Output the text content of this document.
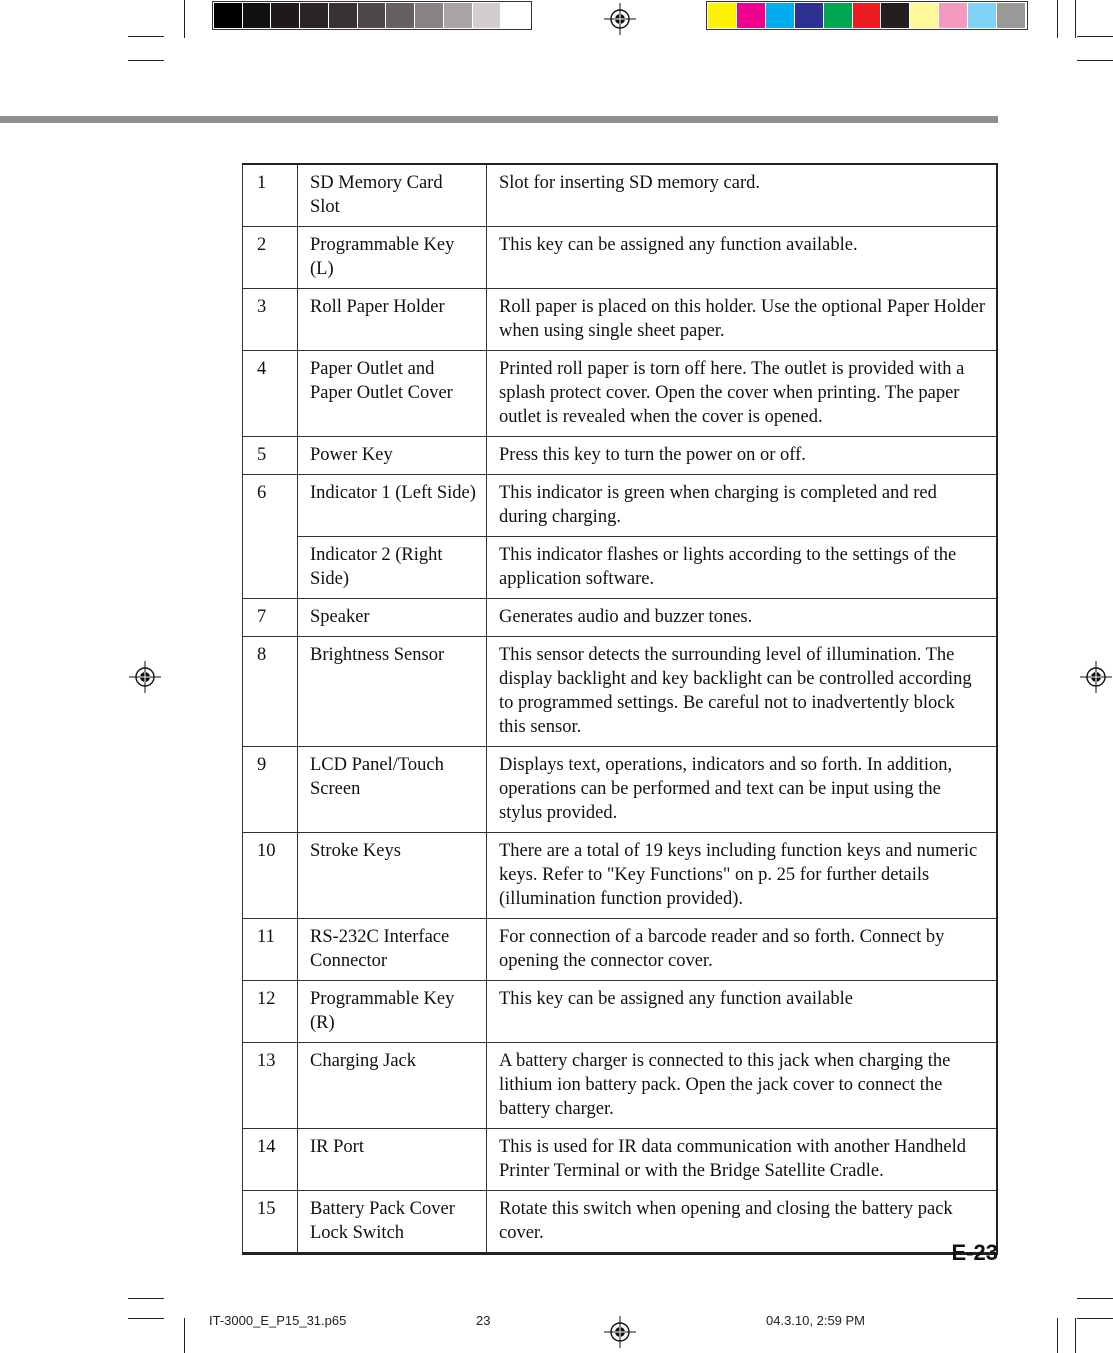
1	SD Memory Card Slot	Slot for inserting SD memory card.
2	Programmable Key (L)	This key can be assigned any function available.
3	Roll Paper Holder	Roll paper is placed on this holder. Use the optional Paper Holder when using single sheet paper.
4	Paper Outlet and Paper Outlet Cover	Printed roll paper is torn off here. The outlet is provided with a splash protect cover. Open the cover when printing. The paper outlet is revealed when the cover is opened.
5	Power Key	Press this key to turn the power on or off.
6	Indicator 1 (Left Side)	This indicator is green when charging is completed and red during charging.
	Indicator 2 (Right Side)	This indicator flashes or lights according to the settings of the application software.
7	Speaker	Generates audio and buzzer tones.
8	Brightness Sensor	This sensor detects the surrounding level of illumination. The display backlight and key backlight can be controlled according to programmed settings. Be careful not to inadvertently block this sensor.
9	LCD Panel/Touch Screen	Displays text, operations, indicators and so forth. In addition, operations can be performed and text can be input using the stylus provided.
10	Stroke Keys	There are a total of 19 keys including function keys and numeric keys. Refer to "Key Functions" on p. 25 for further details (illumination function provided).
11	RS-232C Interface Connector	For connection of a barcode reader and so forth. Connect by opening the connector cover.
12	Programmable Key (R)	This key can be assigned any function available
13	Charging Jack	A battery charger is connected to this jack when charging the lithium ion battery pack. Open the jack cover to connect the battery charger.
14	IR Port	This is used for IR data communication with another Handheld Printer Terminal or with the Bridge Satellite Cradle.
15	Battery Pack Cover Lock Switch	Rotate this switch when opening and closing the battery pack cover.
E-23
IT-3000_E_P15_31.p65	23	04.3.10, 2:59 PM
